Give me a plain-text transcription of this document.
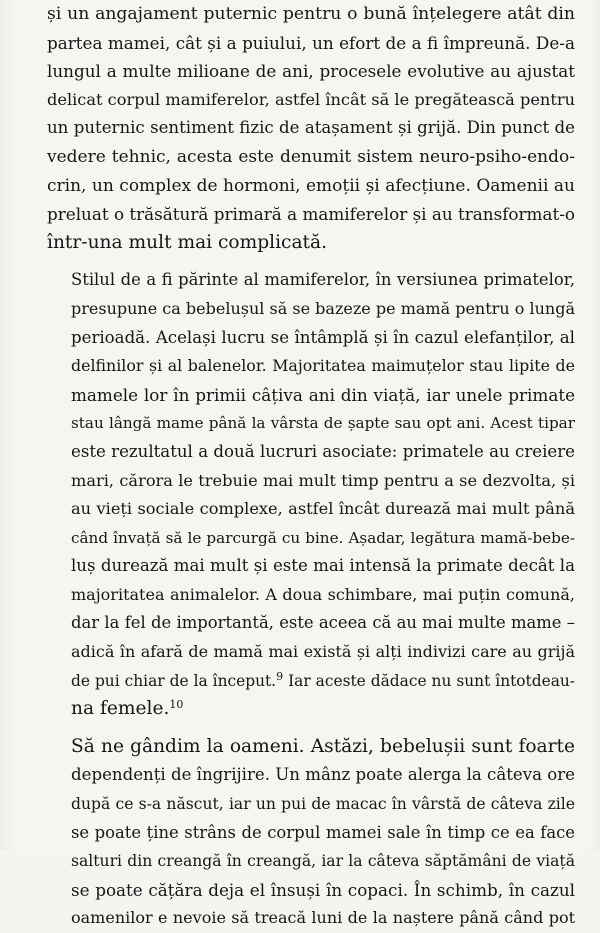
și un angajament puternic pentru o bună înțelegere atât din
partea mamei, cât și a puiului, un efort de a fi împreună. De-a
lungul a multe milioane de ani, procesele evolutive au ajustat
delicat corpul mamiferelor, astfel încât să le pregătească pentru
un puternic sentiment fizic de atașament și grijă. Din punct de
vedere tehnic, acesta este denumit sistem neuro-psiho-endo-
crin, un complex de hormoni, emoții și afecțiune. Oamenii au
preluat o trăsătură primară a mamiferelor și au transformat-o
într-una mult mai complicată.

Stilul de a fi părinte al mamiferelor, în versiunea primatelor,
presupune ca bebelușul să se bazeze pe mamă pentru o lungă
perioadă. Același lucru se întâmplă și în cazul elefanților, al
delfinilor și al balenelor. Majoritatea maimuțelor stau lipite de
mamele lor în primii câțiva ani din viață, iar unele primate
stau lângă mame până la vârsta de șapte sau opt ani. Acest tipar
este rezultatul a două lucruri asociate: primatele au creiere
mari, cărora le trebuie mai mult timp pentru a se dezvolta, și
au vieți sociale complexe, astfel încât durează mai mult până
când învață să le parcurgă cu bine. Așadar, legătura mamă-bebe-
luș durează mai mult și este mai intensă la primate decât la
majoritatea animalelor. A doua schimbare, mai puțin comună,
dar la fel de importantă, este aceea că au mai multe mame –
adică în afară de mamă mai există și alți indivizi care au grijă
de pui chiar de la început.$^9$ Iar aceste dădace nu sunt întotdeau-
na femele.$^{10}$

Să ne gândim la oameni. Astăzi, bebelușii sunt foarte
dependenți de îngrijire. Un mânz poate alerga la câteva ore
după ce s-a născut, iar un pui de macac în vârstă de câteva zile
se poate ține strâns de corpul mamei sale în timp ce ea face
salturi din creangă în creangă, iar la câteva săptămâni de viață
se poate cățăra deja el însuși în copaci. În schimb, în cazul
oamenilor e nevoie să treacă luni de la naștere până când pot
